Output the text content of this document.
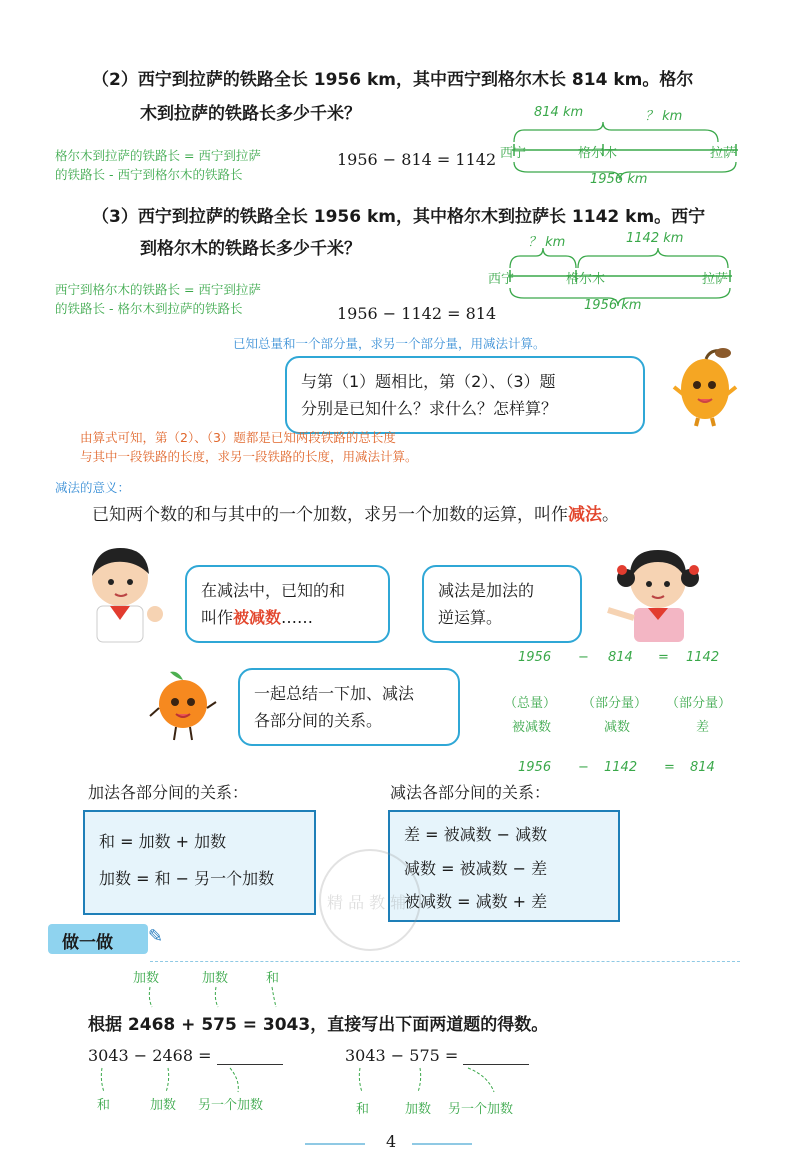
（2）西宁到拉萨的铁路全长 1956 km，其中西宁到格尔木长 814 km。格尔
木到拉萨的铁路长多少千米？
格尔木到拉萨的铁路长 = 西宁到拉萨
的铁路长 - 西宁到格尔木的铁路长
1956 − 814 = 1142
814 km	？ km
西宁	格尔木	拉萨
1956 km
（3）西宁到拉萨的铁路全长 1956 km，其中格尔木到拉萨长 1142 km。西宁
到格尔木的铁路长多少千米？
西宁到格尔木的铁路长 = 西宁到拉萨
的铁路长 - 格尔木到拉萨的铁路长	1956 − 1142 = 814
？ km	1142 km
西宁	格尔木	拉萨
1956 km
已知总量和一个部分量，求另一个部分量，用减法计算。
与第（1）题相比，第（2）、（3）题
分别是已知什么？求什么？怎样算？
由算式可知，第（2）、（3）题都是已知两段铁路的总长度
与其中一段铁路的长度，求另一段铁路的长度，用减法计算。
减法的意义：
已知两个数的和与其中的一个加数，求另一个加数的运算，叫作减法。
在减法中，已知的和
叫作被减数……
减法是加法的
逆运算。
一起总结一下加、减法
各部分间的关系。
1956 − 814 = 1142
（总量） （部分量） （部分量）
被减数	减数	差
1956 − 1142 = 814
加法各部分间的关系：
和 = 加数 + 加数
加数 = 和 − 另一个加数
减法各部分间的关系：
差 = 被减数 − 减数
减数 = 被减数 − 差
被减数 = 减数 + 差
精 品 教 辅
做一做 ✎
加数	加数	和
根据 2468 + 575 = 3043，直接写出下面两道题的得数。
3043 − 2468 =	3043 − 575 =
和	加数 另一个加数	和	加数 另一个加数
4
